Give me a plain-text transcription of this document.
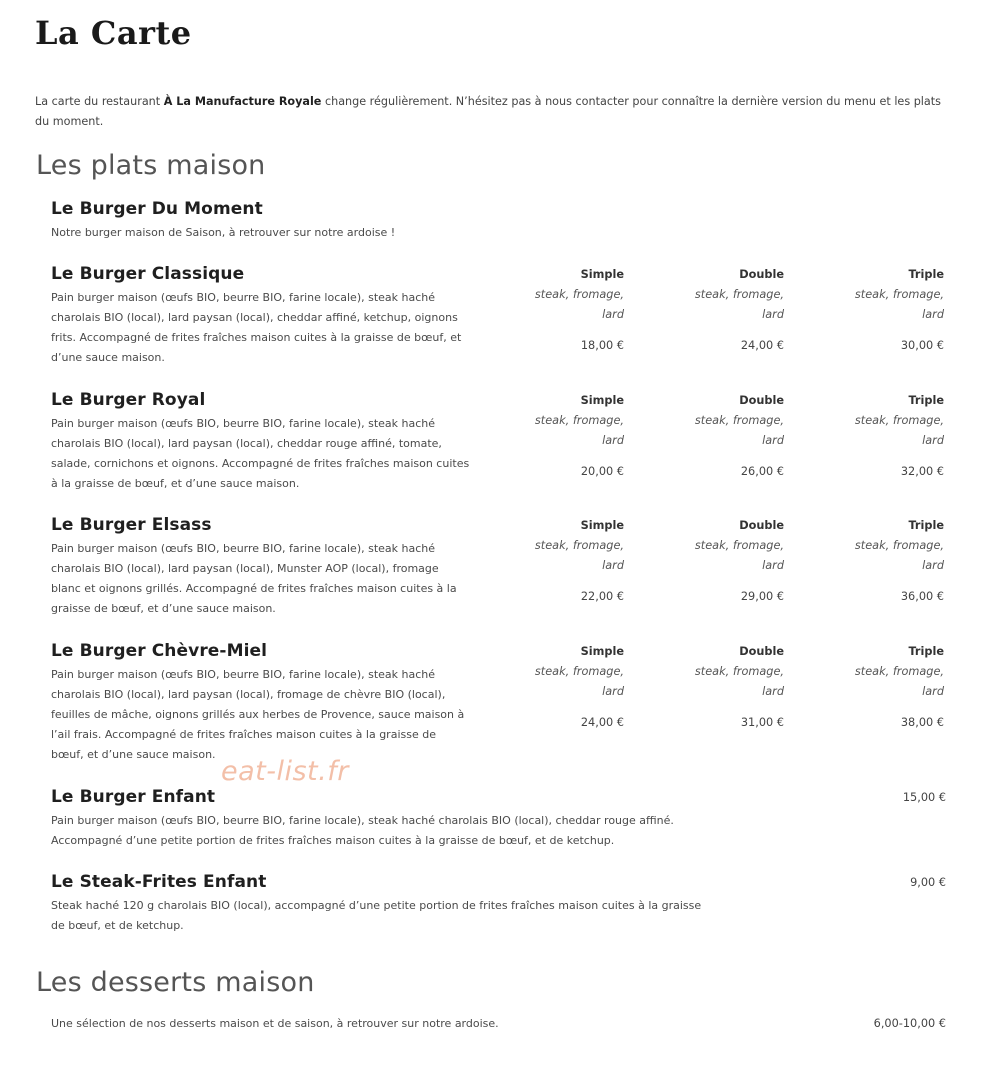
La Carte
La carte du restaurant À La Manufacture Royale change régulièrement. N’hésitez pas à nous contacter pour connaître la dernière version du menu et les plats du moment.
Les plats maison
Le Burger Du Moment
Notre burger maison de Saison, à retrouver sur notre ardoise !
Le Burger Classique
Pain burger maison (œufs BIO, beurre BIO, farine locale), steak haché charolais BIO (local), lard paysan (local), cheddar affiné, ketchup, oignons frits. Accompagné de frites fraîches maison cuites à la graisse de bœuf, et d’une sauce maison.
Simple
steak, fromage,
lard
18,00 €
Double
steak, fromage,
lard
24,00 €
Triple
steak, fromage,
lard
30,00 €
Le Burger Royal
Pain burger maison (œufs BIO, beurre BIO, farine locale), steak haché charolais BIO (local), lard paysan (local), cheddar rouge affiné, tomate, salade, cornichons et oignons. Accompagné de frites fraîches maison cuites à la graisse de bœuf, et d’une sauce maison.
Simple
steak, fromage,
lard
20,00 €
Double
steak, fromage,
lard
26,00 €
Triple
steak, fromage,
lard
32,00 €
Le Burger Elsass
Pain burger maison (œufs BIO, beurre BIO, farine locale), steak haché charolais BIO (local), lard paysan (local), Munster AOP (local), fromage blanc et oignons grillés. Accompagné de frites fraîches maison cuites à la graisse de bœuf, et d’une sauce maison.
Simple
steak, fromage,
lard
22,00 €
Double
steak, fromage,
lard
29,00 €
Triple
steak, fromage,
lard
36,00 €
Le Burger Chèvre-Miel
Pain burger maison (œufs BIO, beurre BIO, farine locale), steak haché charolais BIO (local), lard paysan (local), fromage de chèvre BIO (local), feuilles de mâche, oignons grillés aux herbes de Provence, sauce maison à l’ail frais. Accompagné de frites fraîches maison cuites à la graisse de bœuf, et d’une sauce maison.
Simple
steak, fromage,
lard
24,00 €
Double
steak, fromage,
lard
31,00 €
Triple
steak, fromage,
lard
38,00 €
Le Burger Enfant
Pain burger maison (œufs BIO, beurre BIO, farine locale), steak haché charolais BIO (local), cheddar rouge affiné. Accompagné d’une petite portion de frites fraîches maison cuites à la graisse de bœuf, et de ketchup.
15,00 €
Le Steak-Frites Enfant
Steak haché 120 g charolais BIO (local), accompagné d’une petite portion de frites fraîches maison cuites à la graisse de bœuf, et de ketchup.
9,00 €
Les desserts maison
Une sélection de nos desserts maison et de saison, à retrouver sur notre ardoise.	6,00-10,00 €
eat-list.fr
